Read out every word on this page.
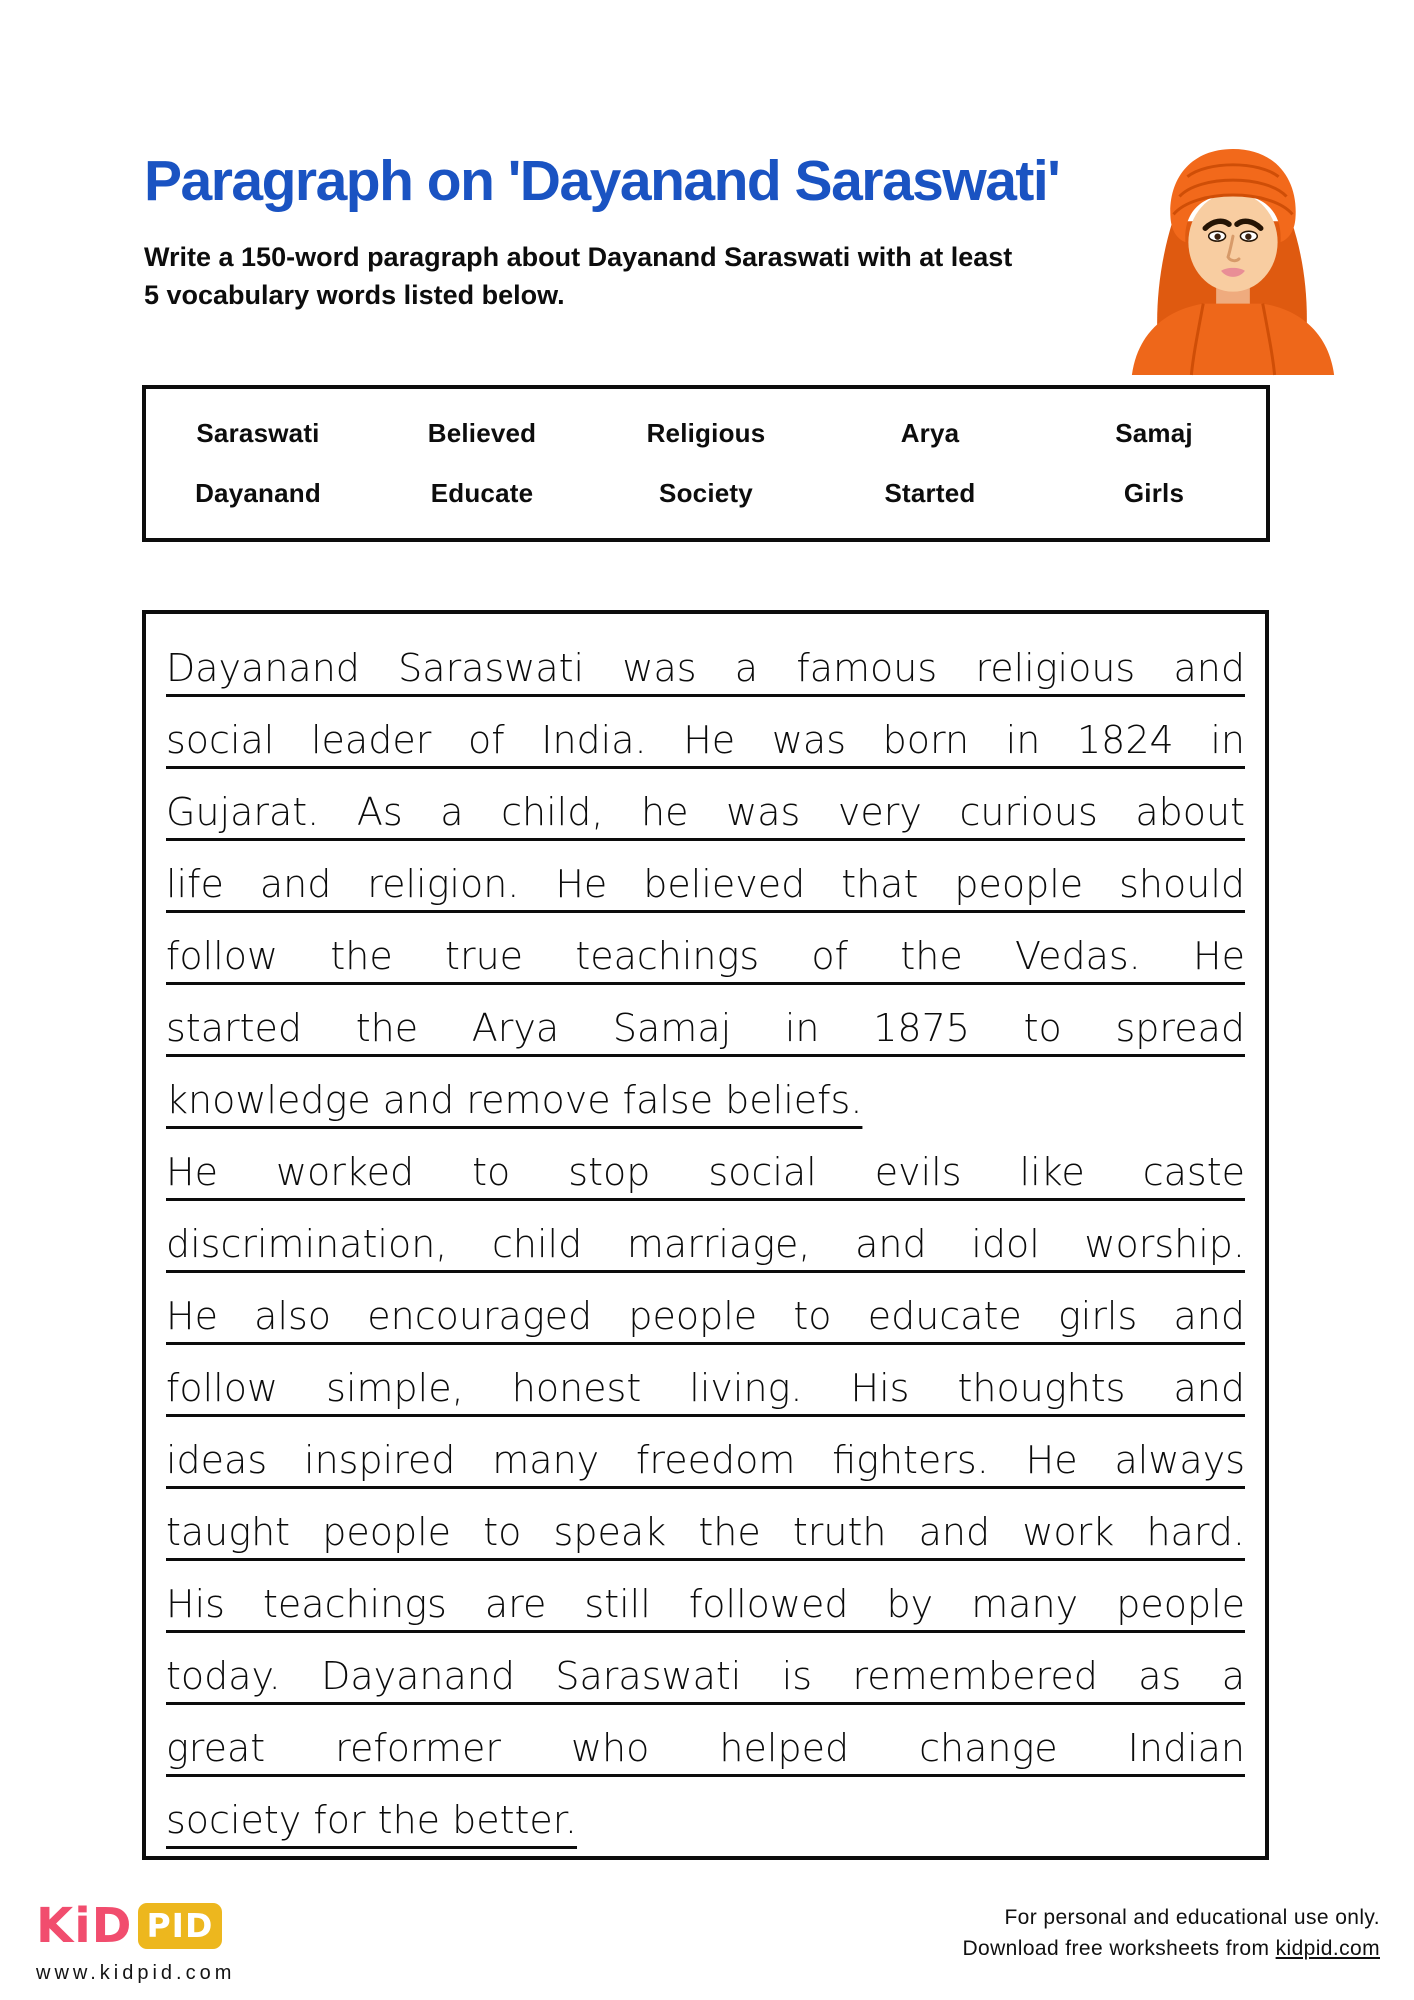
Paragraph on 'Dayanand Saraswati'
Write a 150-word paragraph about Dayanand Saraswati with at least
5 vocabulary words listed below.
Saraswati	Believed	Religious	Arya	Samaj
Dayanand	Educate	Society	Started	Girls
Dayanand Saraswati was a famous religious and
social leader of India. He was born in 1824 in
Gujarat. As a child, he was very curious about
life and religion. He believed that people should
follow the true teachings of the Vedas. He
started the Arya Samaj in 1875 to spread
knowledge and remove false beliefs.
He worked to stop social evils like caste
discrimination, child marriage, and idol worship.
He also encouraged people to educate girls and
follow simple, honest living. His thoughts and
ideas inspired many freedom fighters. He always
taught people to speak the truth and work hard.
His teachings are still followed by many people
today. Dayanand Saraswati is remembered as a
great reformer who helped change Indian
society for the better.
KiD PID
www.kidpid.com
For personal and educational use only.
Download free worksheets from kidpid.com
